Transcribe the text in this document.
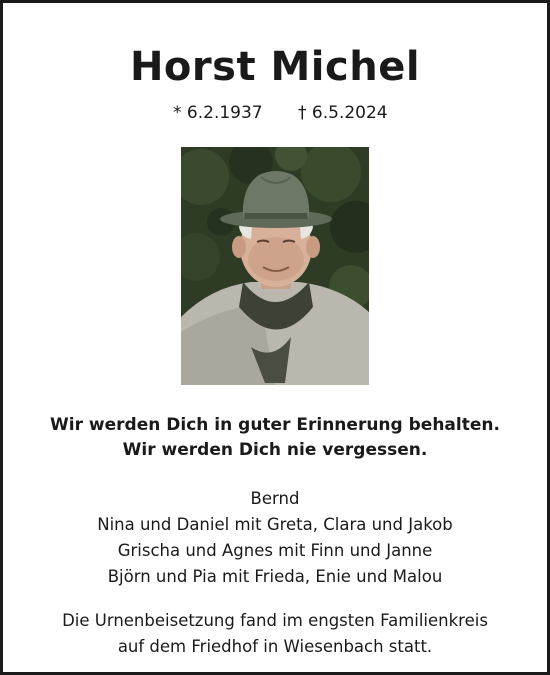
Horst Michel
* 6.2.1937 † 6.5.2024
Wir werden Dich in guter Erinnerung behalten.
Wir werden Dich nie vergessen.
Bernd
Nina und Daniel mit Greta, Clara und Jakob
Grischa und Agnes mit Finn und Janne
Björn und Pia mit Frieda, Enie und Malou
Die Urnenbeisetzung fand im engsten Familienkreis
auf dem Friedhof in Wiesenbach statt.
